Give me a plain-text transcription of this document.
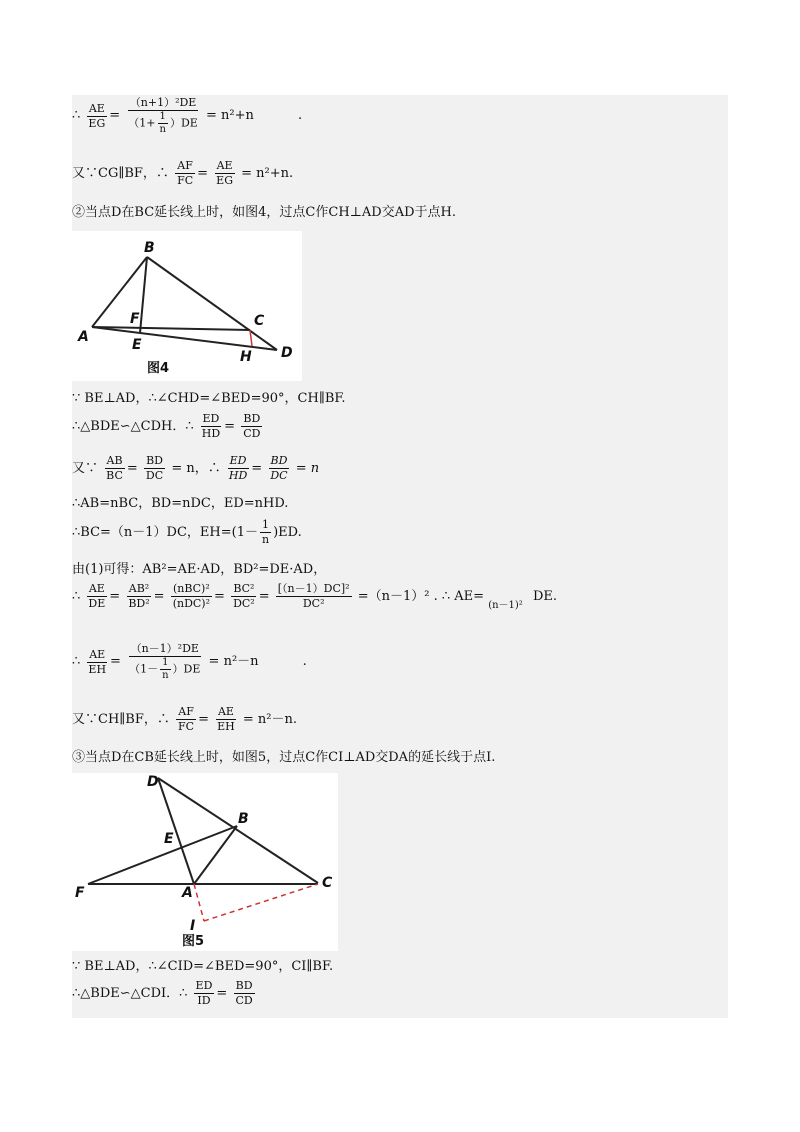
∴ $\frac{AE}{EG} = \frac{\text{（n+1）²DE}}{(1+ \frac{1}{n} )DE} = n^2+n$	.
又∵CG∥BF，∴ $\frac{AF}{FC} = \frac{AE}{EG} = n^2+n$.
②当点D在BC延长线上时，如图4，过点C作CH⊥AD交AD于点H.
B
A
F
E
C
H D
图4
∵ BE⊥AD，∴∠CHD=∠BED=90°，CH∥BF.
∴△BDE∽△CDH．∴ $\frac{ED}{HD} = \frac{BD}{CD}$
又∵ $\frac{AB}{BC} = \frac{BD}{DC} = n$，∴ $\frac{ED}{HD} = \frac{BD}{DC} = n$
∴AB=nBC，BD=nDC，ED=nHD.
∴BC=（n－1）DC，$EH=(1- \frac{1}{n} )ED$.
由(1)可得：AB²=AE·AD，BD²=DE·AD，
∴ $\frac{AE}{DE} = \frac{\text{AB²}}{\text{BD²}} = (nBC)^2$
$(nDC)^2 = \frac{\text{BC²}}{\text{DC²}} = \frac{\text{[（n－1）DC]²}}{\text{DC²}} =(n-1)^2$ . ∴ AE= (n－1)² DE.
∴ $\frac{AE}{EH} = \frac{\text{（n－1）²DE}}{(1- \frac{1}{n} )DE} = n^2-n$	.
又∵CH∥BF，∴ $\frac{AF}{FC} = \frac{AE}{EH} = n^2-n$.
③当点D在CB延长线上时，如图5，过点C作CI⊥AD交DA的延长线于点I.
D
E
B
F	A
C
I
图5
∵ BE⊥AD，∴∠CID=∠BED=90°，CI∥BF.
∴△BDE∽△CDI．∴ $\frac{ED}{ID} = \frac{BD}{CD}$
